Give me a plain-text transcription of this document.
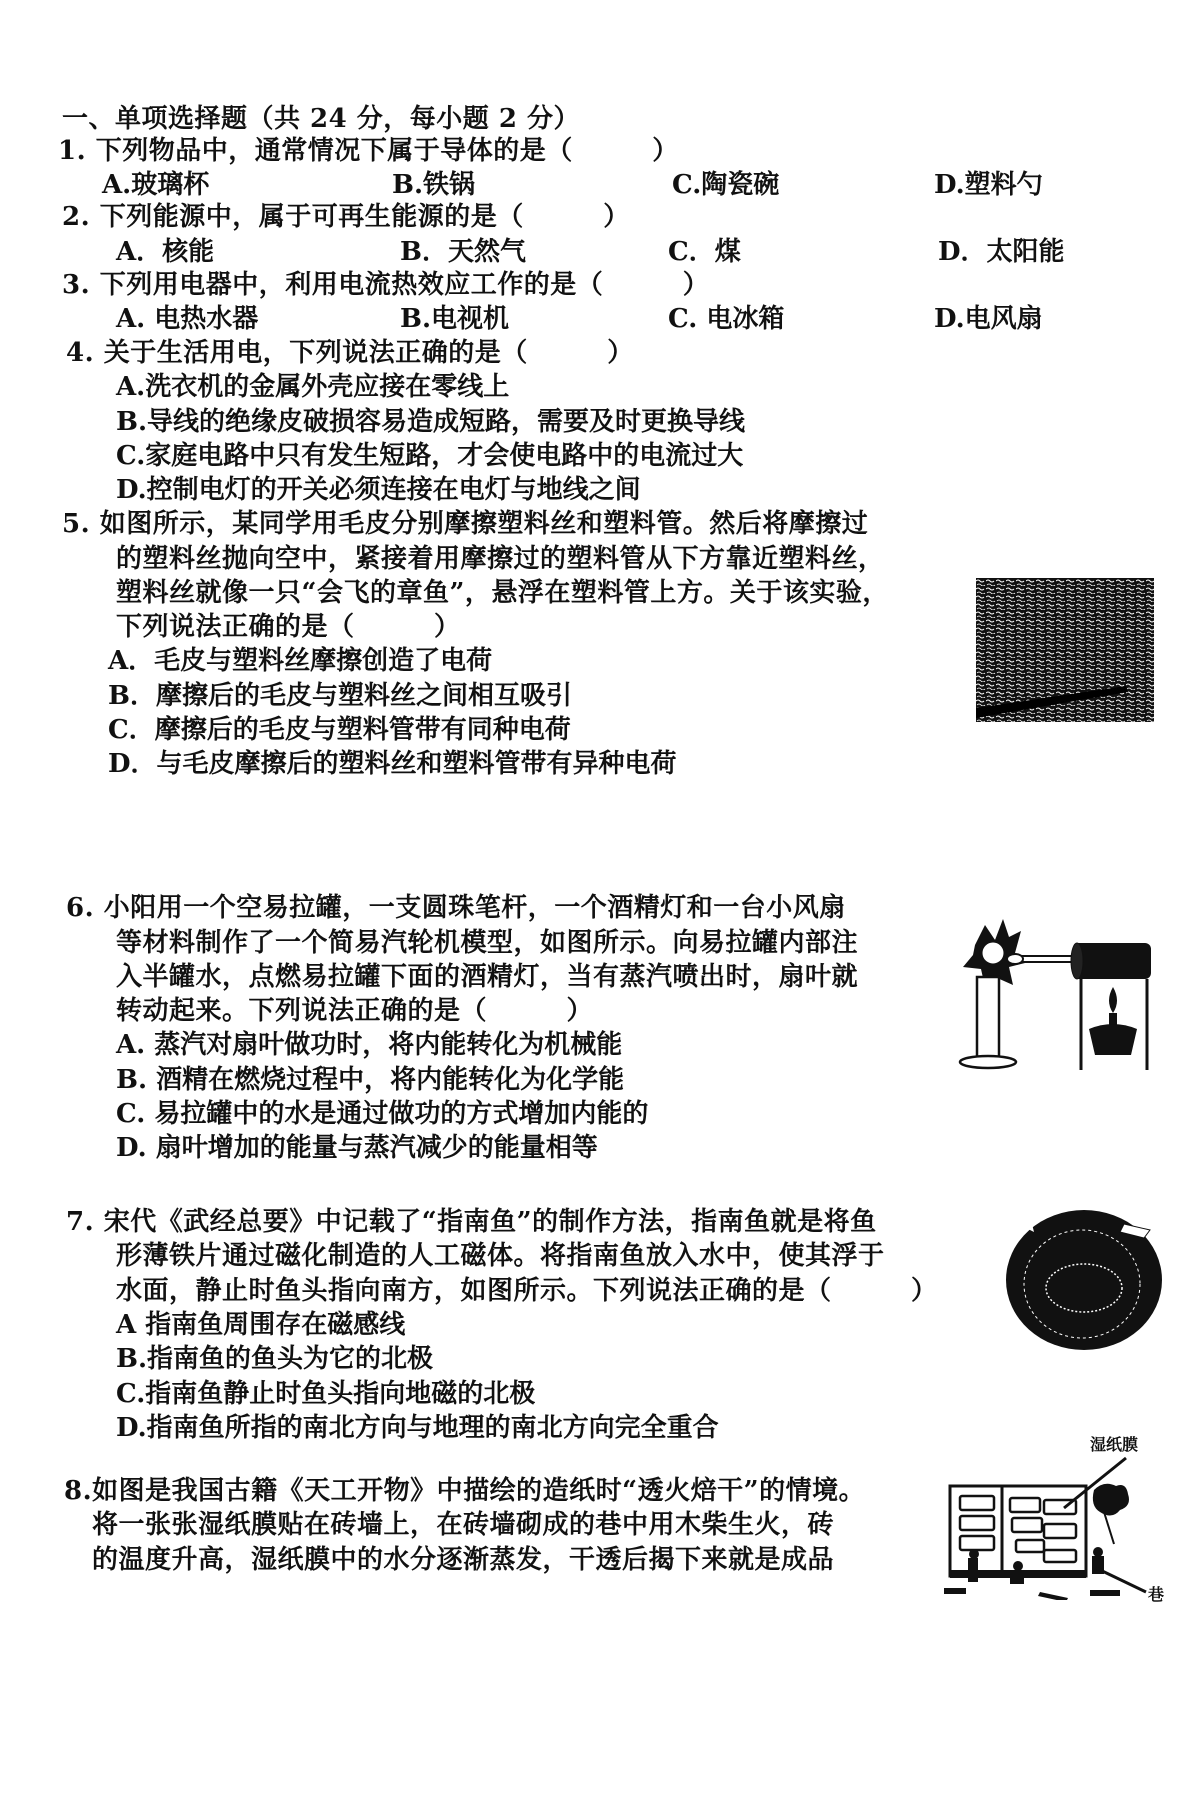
一、单项选择题（共 24 分，每小题 2 分）
1. 下列物品中，通常情况下属于导体的是（　　　）
A.玻璃杯	B.铁锅	C.陶瓷碗	D.塑料勺
2. 下列能源中，属于可再生能源的是（　　　）
A．核能	B．天然气	C．煤	D．太阳能
3. 下列用电器中，利用电流热效应工作的是（　　　）
A. 电热水器	B.电视机	C. 电冰箱	D.电风扇
4. 关于生活用电，下列说法正确的是（　　　）
A.洗衣机的金属外壳应接在零线上
B.导线的绝缘皮破损容易造成短路，需要及时更换导线
C.家庭电路中只有发生短路，才会使电路中的电流过大
D.控制电灯的开关必须连接在电灯与地线之间
5. 如图所示，某同学用毛皮分别摩擦塑料丝和塑料管。然后将摩擦过
的塑料丝抛向空中，紧接着用摩擦过的塑料管从下方靠近塑料丝，
塑料丝就像一只“会飞的章鱼”，悬浮在塑料管上方。关于该实验，
下列说法正确的是（　　　）
A．毛皮与塑料丝摩擦创造了电荷
B．摩擦后的毛皮与塑料丝之间相互吸引
C．摩擦后的毛皮与塑料管带有同种电荷
D．与毛皮摩擦后的塑料丝和塑料管带有异种电荷
6. 小阳用一个空易拉罐，一支圆珠笔杆，一个酒精灯和一台小风扇
等材料制作了一个简易汽轮机模型，如图所示。向易拉罐内部注
入半罐水，点燃易拉罐下面的酒精灯，当有蒸汽喷出时，扇叶就
转动起来。下列说法正确的是（　　　）
A. 蒸汽对扇叶做功时，将内能转化为机械能
B. 酒精在燃烧过程中，将内能转化为化学能
C. 易拉罐中的水是通过做功的方式增加内能的
D. 扇叶增加的能量与蒸汽减少的能量相等
7. 宋代《武经总要》中记载了“指南鱼”的制作方法，指南鱼就是将鱼
形薄铁片通过磁化制造的人工磁体。将指南鱼放入水中，使其浮于
水面，静止时鱼头指向南方，如图所示。下列说法正确的是（　　　）
A 指南鱼周围存在磁感线
B.指南鱼的鱼头为它的北极
C.指南鱼静止时鱼头指向地磁的北极
D.指南鱼所指的南北方向与地理的南北方向完全重合
8.如图是我国古籍《天工开物》中描绘的造纸时“透火焙干”的情境。
将一张张湿纸膜贴在砖墙上，在砖墙砌成的巷中用木柴生火，砖
的温度升高，湿纸膜中的水分逐渐蒸发，干透后揭下来就是成品
湿纸膜
巷
